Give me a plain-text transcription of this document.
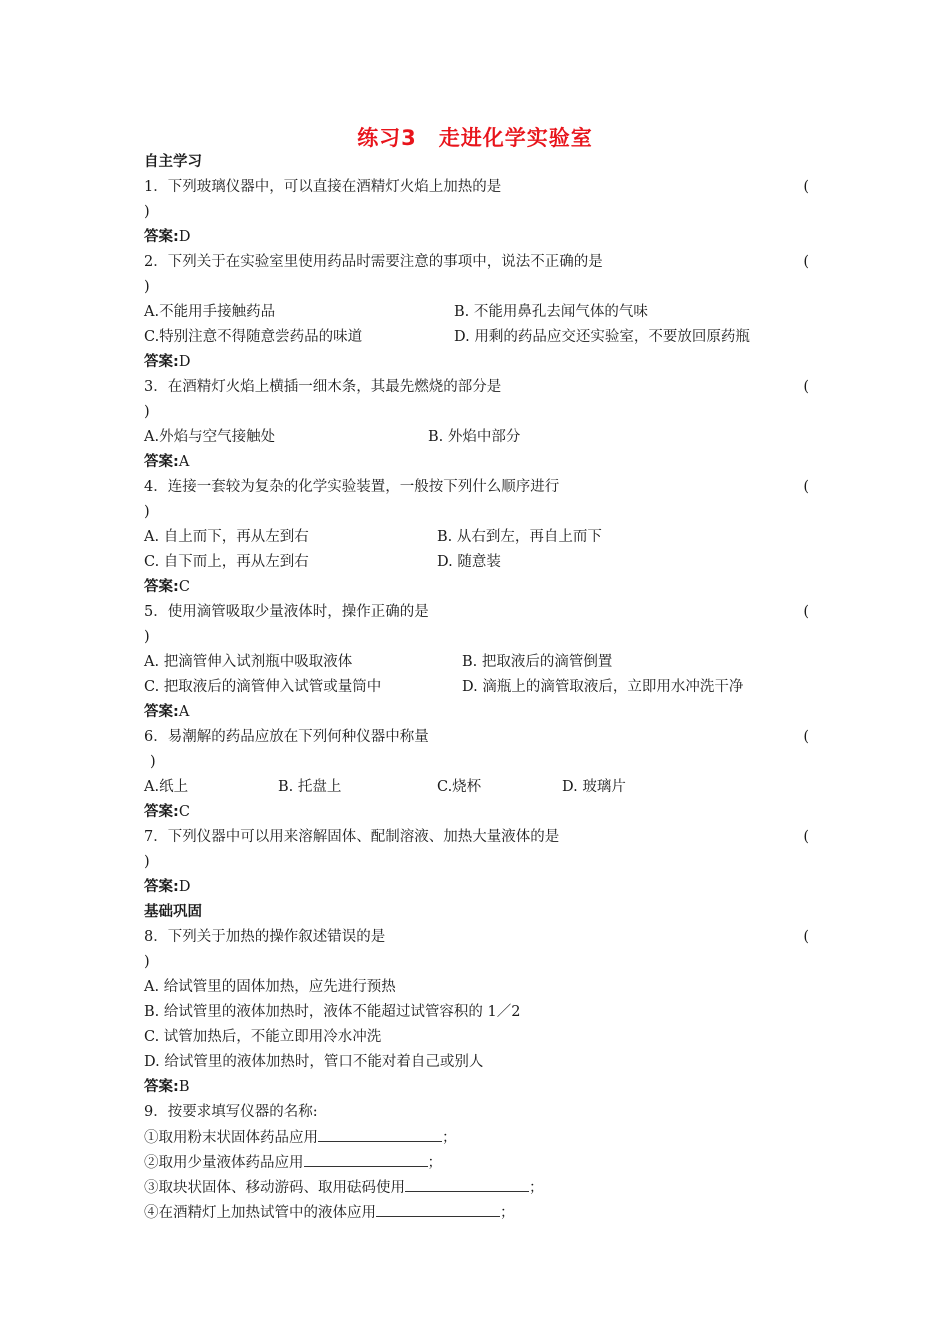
练习3　走进化学实验室
自主学习
1．下列玻璃仪器中，可以直接在酒精灯火焰上加热的是	(
)
答案:D
2．下列关于在实验室里使用药品时需要注意的事项中，说法不正确的是	(
)
A.不能用手接触药品	B. 不能用鼻孔去闻气体的气味
C.特别注意不得随意尝药品的味道	D. 用剩的药品应交还实验室，不要放回原药瓶
答案:D
3．在酒精灯火焰上横插一细木条，其最先燃烧的部分是	(
)
A.外焰与空气接触处	B. 外焰中部分
答案:A
4．连接一套较为复杂的化学实验装置，一般按下列什么顺序进行	(
)
A. 自上而下，再从左到右	B. 从右到左，再自上而下
C. 自下而上，再从左到右	D. 随意装
答案:C
5．使用滴管吸取少量液体时，操作正确的是	(
)
A. 把滴管伸入试剂瓶中吸取液体	B. 把取液后的滴管倒置
C. 把取液后的滴管伸入试管或量筒中	D. 滴瓶上的滴管取液后，立即用水冲洗干净
答案:A
6．易潮解的药品应放在下列何种仪器中称量	(
)
A.纸上	B. 托盘上	C.烧杯	D. 玻璃片
答案:C
7．下列仪器中可以用来溶解固体、配制溶液、加热大量液体的是	(
)
答案:D
基础巩固
8．下列关于加热的操作叙述错误的是	(
)
A. 给试管里的固体加热，应先进行预热
B. 给试管里的液体加热时，液体不能超过试管容积的 1／2
C. 试管加热后，不能立即用冷水冲洗
D. 给试管里的液体加热时，管口不能对着自己或别人
答案:B
9．按要求填写仪器的名称:
①取用粉末状固体药品应用	；
②取用少量液体药品应用	；
③取块状固体、移动游码、取用砝码使用	；
④在酒精灯上加热试管中的液体应用	；
